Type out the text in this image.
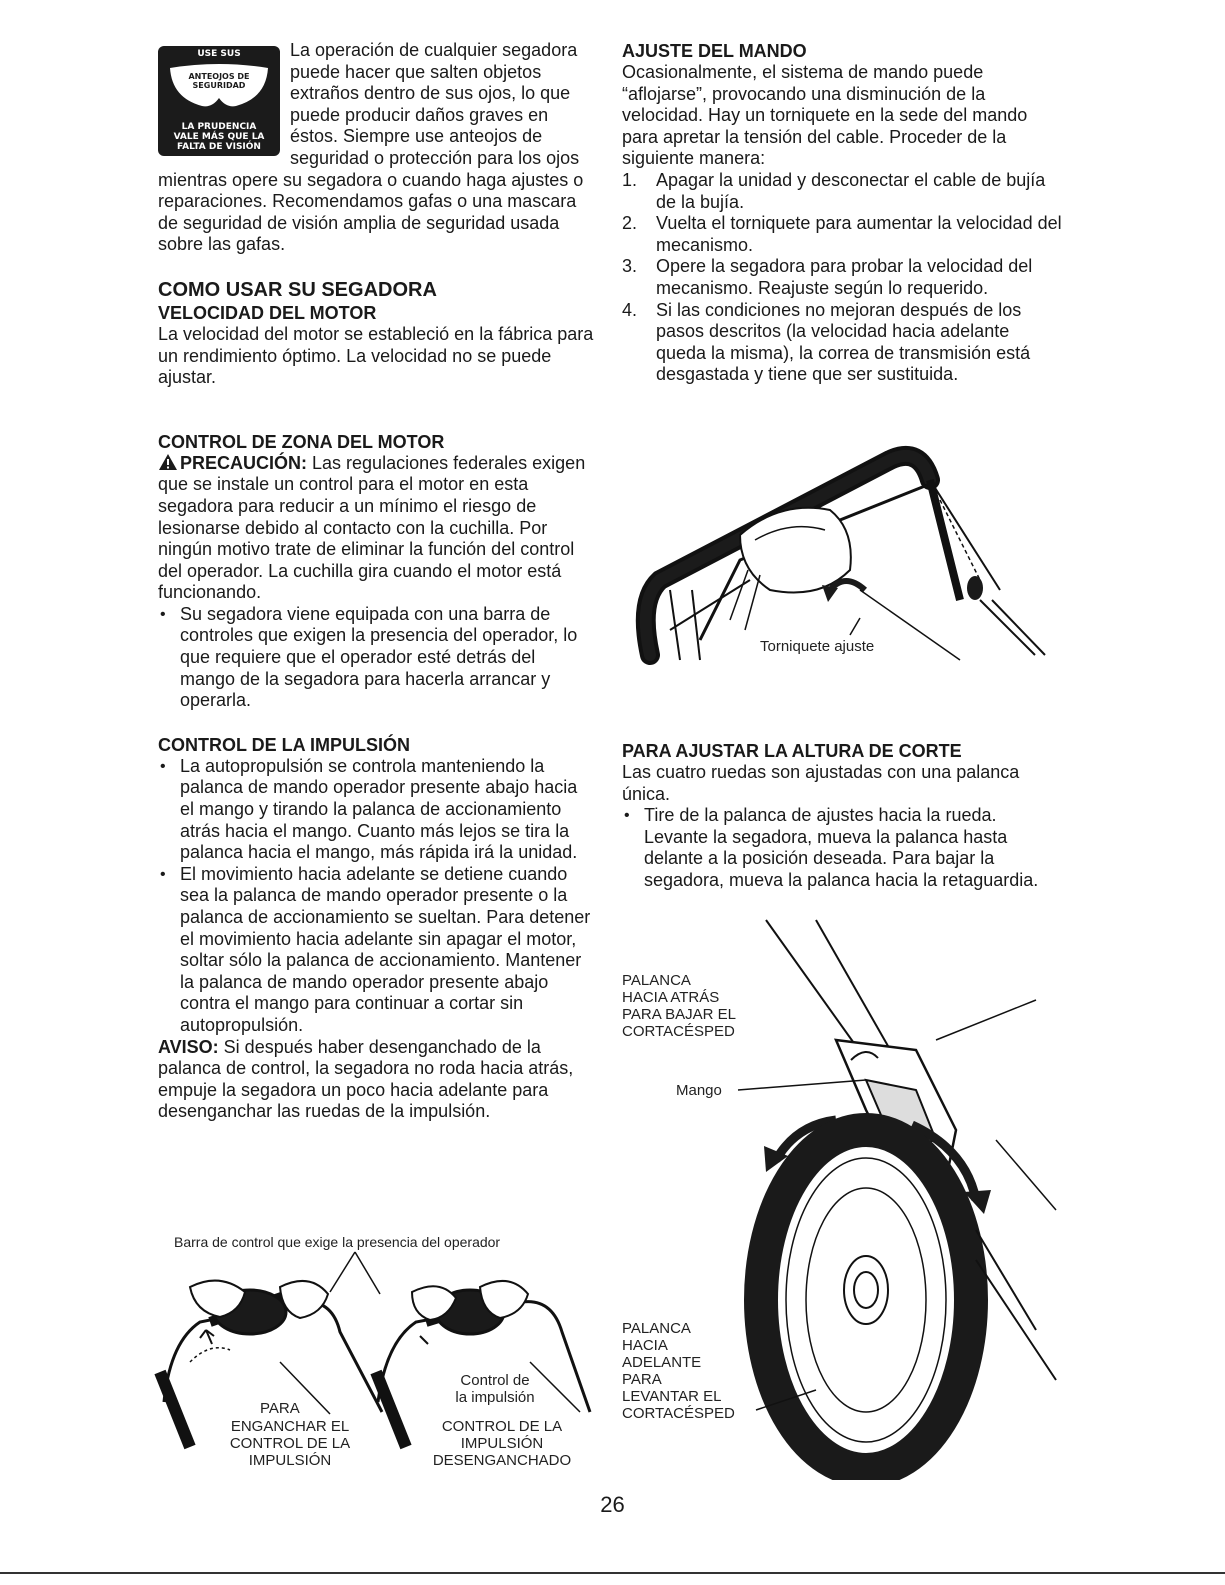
USE SUS
ANTEOJOS DE SEGURIDAD
LA PRUDENCIA
VALE MÁS QUE LA
FALTA DE VISIÓN

La operación de cualquier segadora puede hacer que salten objetos extraños dentro de sus ojos, lo que puede producir daños graves en éstos. Siempre use anteojos de seguridad o protección para los ojos mientras opere su segadora o cuando haga ajustes o reparaciones. Recomendamos gafas o una mascara de seguridad de visión amplia de seguridad usada sobre las gafas.

COMO USAR SU SEGADORA
VELOCIDAD DEL MOTOR

La velocidad del motor se estableció en la fábrica para un rendimiento óptimo. La velocidad no se puede ajustar.

CONTROL DE ZONA DEL MOTOR

PRECAUCIÓN: Las regulaciones federales exigen que se instale un control para el motor en esta segadora para reducir a un mínimo el riesgo de lesionarse debido al contacto con la cuchilla. Por ningún motivo trate de eliminar la función del control del operador. La cuchilla gira cuando el motor está funcionando.

• Su segadora viene equipada con una barra de controles que exigen la presencia del operador, lo que requiere que el operador esté detrás del mango de la segadora para hacerla arrancar y operarla.
CONTROL DE LA IMPULSIÓN
• La autopropulsión se controla manteniendo la palanca de mando operador presente abajo hacia el mango y tirando la palanca de accionamiento atrás hacia el mango. Cuanto más lejos se tira la palanca hacia el mango, más rápida irá la unidad.
• El movimiento hacia adelante se detiene cuando sea la palanca de mando operador presente o la palanca de accionamiento se sueltan. Para detener el movimiento hacia adelante sin apagar el motor, soltar sólo la palanca de accionamiento. Mantener la palanca de mando operador presente abajo contra el mango para continuar a cortar sin autopropulsión.

AVISO: Si después haber desenganchado de la palanca de control, la segadora no roda hacia atrás, empuje la segadora un poco hacia adelante para desenganchar las ruedas de la impulsión.

Barra de control que exige la presencia del operador
PARA
ENGANCHAR EL
CONTROL DE LA
IMPULSIÓN
Control de
la impulsión
CONTROL DE LA
IMPULSIÓN
DESENGANCHADO
AJUSTE DEL MANDO

Ocasionalmente, el sistema de mando puede “aflojarse”, provocando una disminución de la velocidad. Hay un torniquete en la sede del mando para apretar la tensión del cable. Proceder de la siguiente manera:

1. Apagar la unidad y desconectar el cable de bujía de la bujía.
2. Vuelta el torniquete para aumentar la velocidad del mecanismo.
3. Opere la segadora para probar la velocidad del mecanismo. Reajuste según lo requerido.
4. Si las condiciones no mejoran después de los pasos descritos (la velocidad hacia adelante queda la misma), la correa de transmisión está desgastada y tiene que ser sustituida.
Torniquete ajuste
PARA AJUSTAR LA ALTURA DE CORTE

Las cuatro ruedas son ajustadas con una palanca única.

• Tire de la palanca de ajustes hacia la rueda. Levante la segadora, mueva la palanca hasta delante a la posición deseada. Para bajar la segadora, mueva la palanca hacia la retaguardia.
PALANCA
HACIA ATRÁS
PARA BAJAR EL
CORTACÉSPED
Mango
PALANCA
HACIA
ADELANTE
PARA
LEVANTAR EL
CORTACÉSPED
26
